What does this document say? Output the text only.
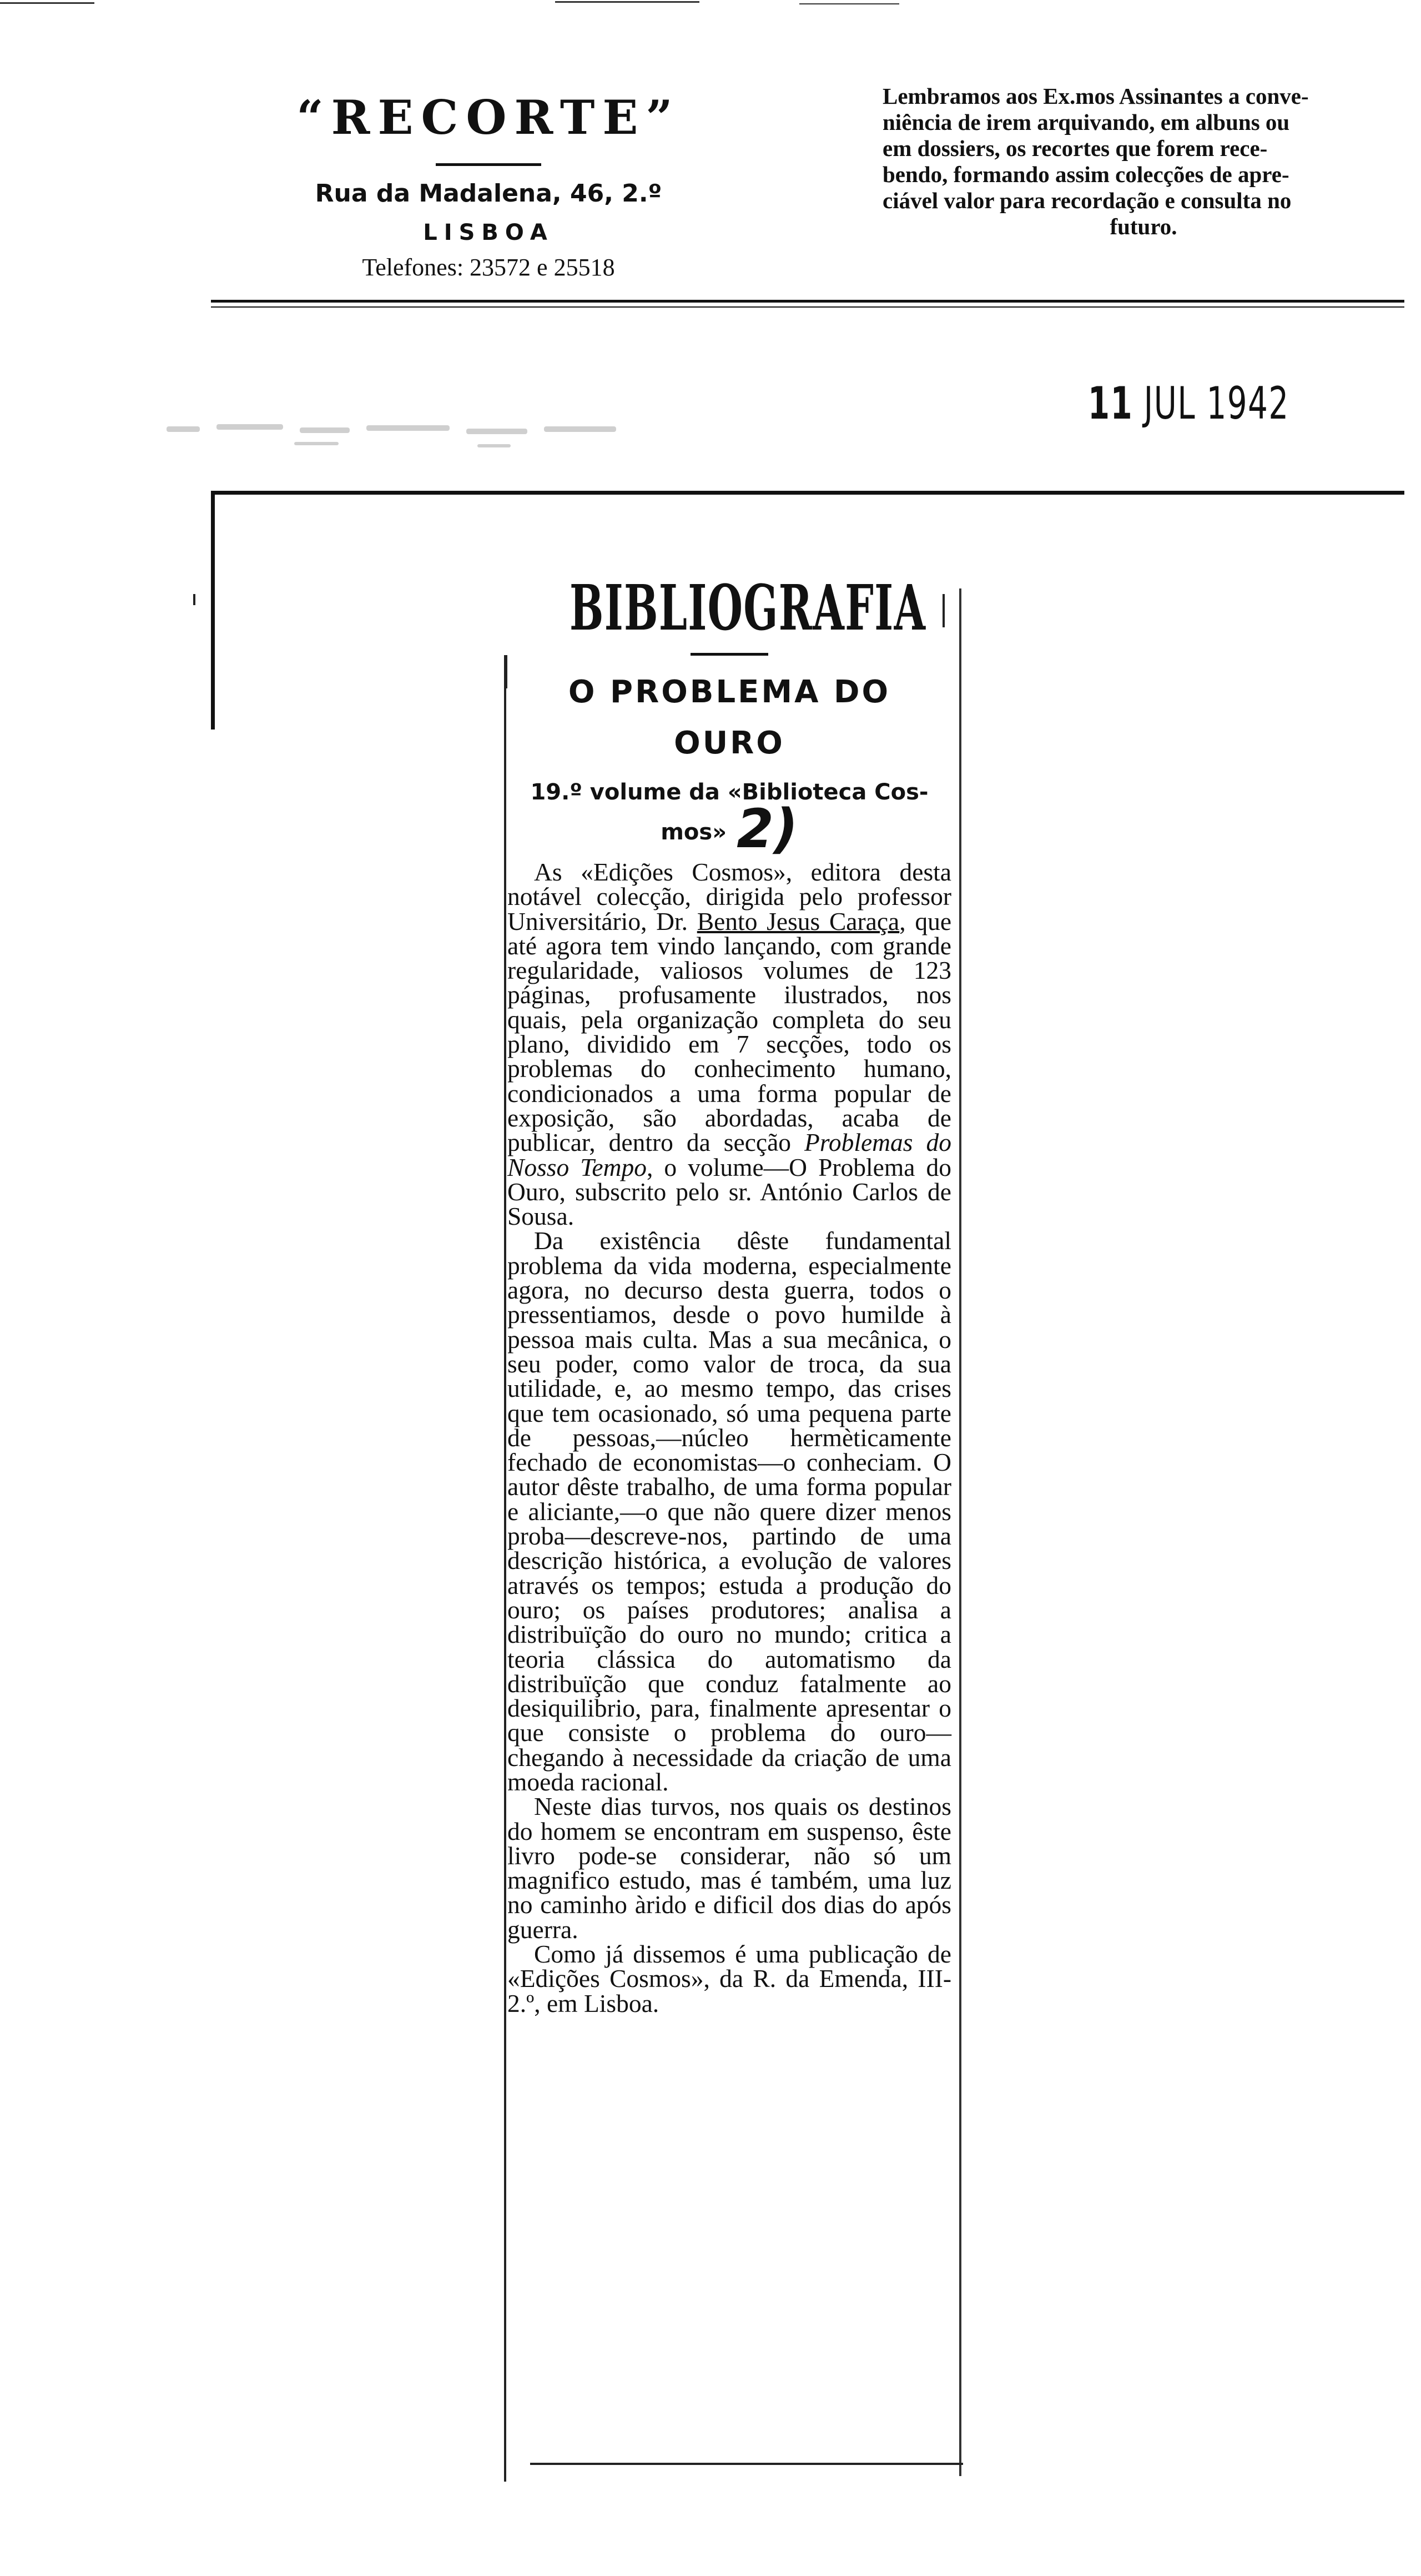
“RECORTE”
Rua da Madalena, 46, 2.º
LISBOA
Telefones: 23572 e 25518
Lembramos aos Ex.mos Assinantes a conve-
niência de irem arquivando, em albuns ou
em dossiers, os recortes que forem rece-
bendo, formando assim colecções de apre-
ciável valor para recordação e consulta no
futuro.
11 JUL 1942
BIBLIOGRAFIA
O PROBLEMA DO
OURO
19.º volume da «Biblioteca Cos-
mos» 2)

As «Edições Cosmos», editora desta notável colecção, dirigida pelo professor Universitário, Dr. Bento Jesus Caraça, que até agora tem vindo lançando, com grande regularidade, valiosos volumes de 123 páginas, profusamente ilustrados, nos quais, pela organização completa do seu plano, dividido em 7 secções, todo os problemas do conhecimento humano, condicionados a uma forma popular de exposição, são abordadas, acaba de publicar, dentro da secção Problemas do Nosso Tempo, o volume—O Problema do Ouro, subscrito pelo sr. António Carlos de Sousa.

Da existência dêste fundamental problema da vida moderna, especialmente agora, no decurso desta guerra, todos o pressentiamos, desde o povo humilde à pessoa mais culta. Mas a sua mecânica, o seu poder, como valor de troca, da sua utilidade, e, ao mesmo tempo, das crises que tem ocasionado, só uma pequena parte de pessoas,—núcleo hermèticamente fechado de economistas—o conheciam. O autor dêste trabalho, de uma forma popular e aliciante,—o que não quere dizer menos proba—descreve-nos, partindo de uma descrição histórica, a evolução de valores através os tempos; estuda a produção do ouro; os países produtores; analisa a distribuïção do ouro no mundo; critica a teoria clássica do automatismo da distribuïção que conduz fatalmente ao desiquilibrio, para, finalmente apresentar o que consiste o problema do ouro—chegando à necessidade da criação de uma moeda racional.

Neste dias turvos, nos quais os destinos do homem se encontram em suspenso, êste livro pode-se considerar, não só um magnifico estudo, mas é também, uma luz no caminho àrido e dificil dos dias do após guerra.

Como já dissemos é uma publicação de «Edições Cosmos», da R. da Emenda, III-2.º, em Lisboa.
